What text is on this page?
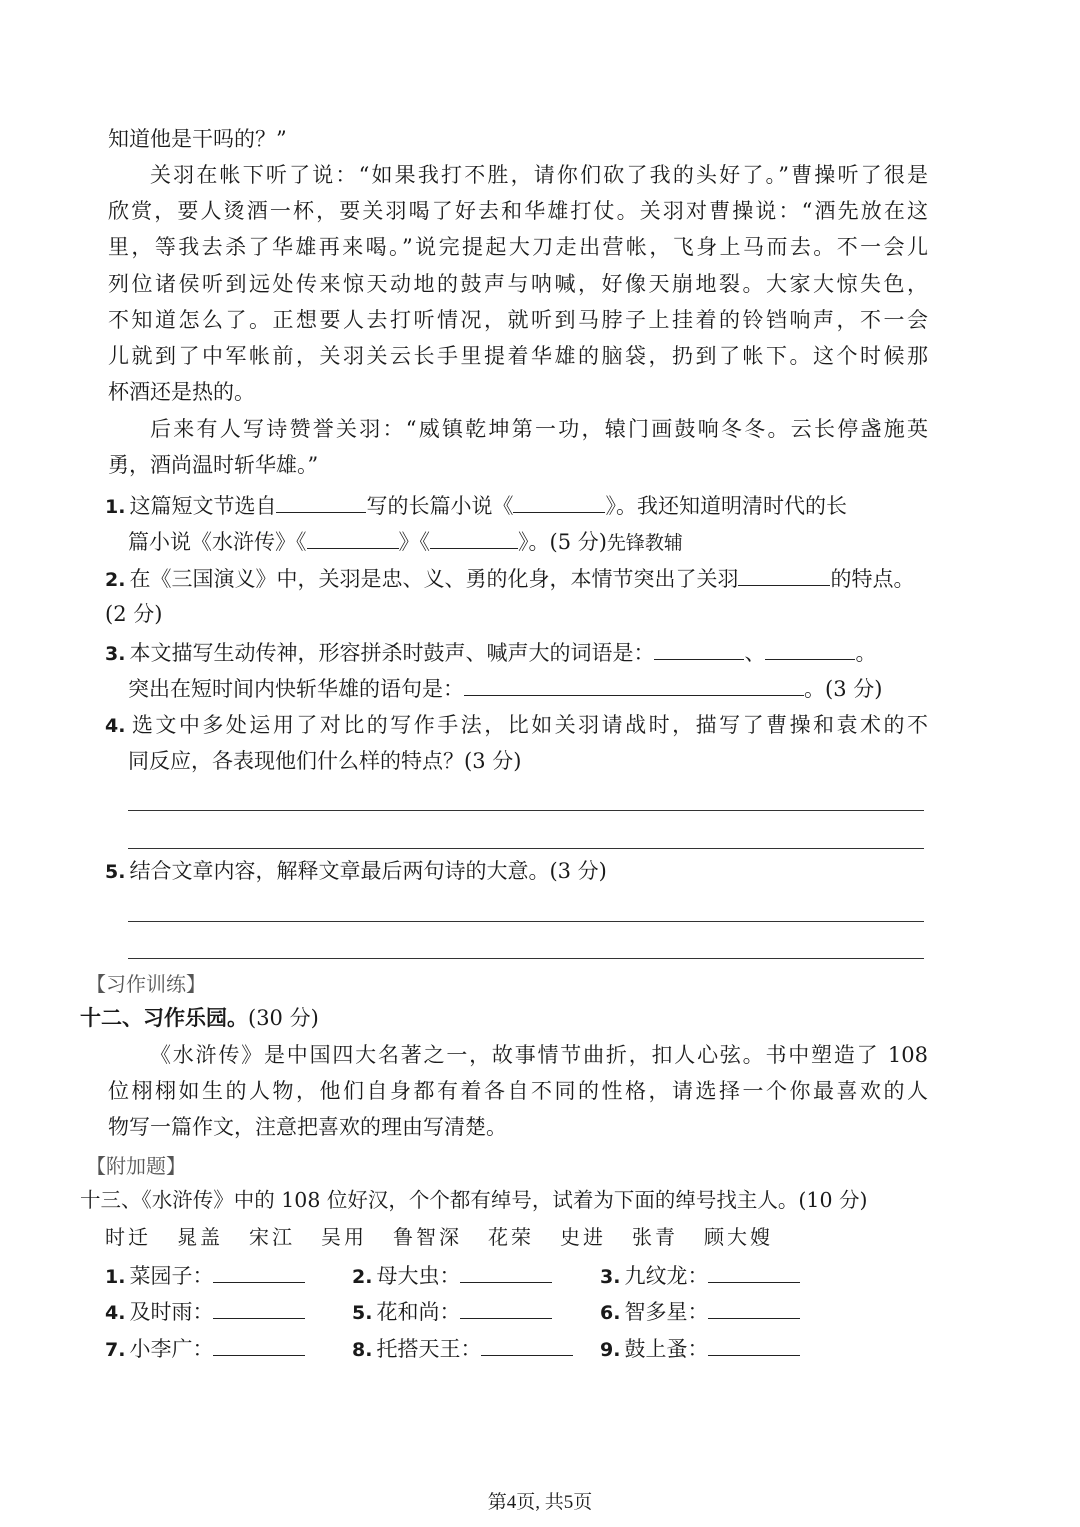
知道他是干吗的？”
关羽在帐下听了说：“如果我打不胜，请你们砍了我的头好了。”曹操听了很是
欣赏，要人烫酒一杯，要关羽喝了好去和华雄打仗。关羽对曹操说：“酒先放在这
里，等我去杀了华雄再来喝。”说完提起大刀走出营帐，飞身上马而去。不一会儿
列位诸侯听到远处传来惊天动地的鼓声与呐喊，好像天崩地裂。大家大惊失色，
不知道怎么了。正想要人去打听情况，就听到马脖子上挂着的铃铛响声，不一会
儿就到了中军帐前，关羽关云长手里提着华雄的脑袋，扔到了帐下。这个时候那
杯酒还是热的。
后来有人写诗赞誉关羽：“威镇乾坤第一功，辕门画鼓响冬冬。云长停盏施英
勇，酒尚温时斩华雄。”
1. 这篇短文节选自	写的长篇小说《	》。我还知道明清时代的长
篇小说《水浒传》《	》《	》。(5 分)先锋教辅
2. 在《三国演义》中，关羽是忠、义、勇的化身，本情节突出了关羽	的特点。
(2 分)
3. 本文描写生动传神，形容拼杀时鼓声、喊声大的词语是：	、	。
突出在短时间内快斩华雄的语句是：	。(3 分)
4. 选文中多处运用了对比的写作手法，比如关羽请战时，描写了曹操和袁术的不
同反应，各表现他们什么样的特点？(3 分)
5. 结合文章内容，解释文章最后两句诗的大意。(3 分)
【习作训练】
十二、习作乐园。(30 分)
《水浒传》是中国四大名著之一，故事情节曲折，扣人心弦。书中塑造了 108
位栩栩如生的人物，他们自身都有着各自不同的性格，请选择一个你最喜欢的人
物写一篇作文，注意把喜欢的理由写清楚。
【附加题】
十三、《水浒传》中的 108 位好汉，个个都有绰号，试着为下面的绰号找主人。(10 分)
时迁 晁盖 宋江 吴用 鲁智深 花荣 史进 张青 顾大嫂
1. 菜园子：	2. 母大虫：	3. 九纹龙：
4. 及时雨：	5. 花和尚：	6. 智多星：
7. 小李广：	8. 托搭天王：	9. 鼓上蚤：
第4页, 共5页
